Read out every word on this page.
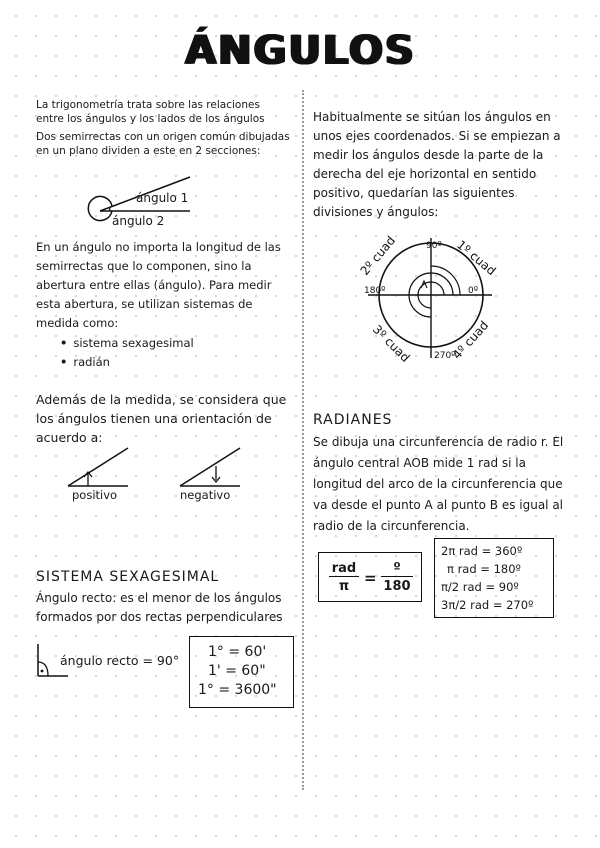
ÁNGULOS
La trigonometría trata sobre las relaciones entre los ángulos y los lados de los ángulos
Dos semirrectas con un origen común dibujadas en un plano dividen a este en 2 secciones:
ángulo 1
ángulo 2
En un ángulo no importa la longitud de las semirrectas que lo componen, sino la abertura entre ellas (ángulo). Para medir esta abertura, se utilizan sistemas de medida como:
• sistema sexagesimal
• radián
Además de la medida, se considera que los ángulos tienen una orientación de acuerdo a:
positivo	negativo
SISTEMA SEXAGESIMAL
Ángulo recto: es el menor de los ángulos formados por dos rectas perpendiculares
ángulo recto = 90°
1° = 60'
1' = 60"
1° = 3600"
Habitualmente se sitúan los ángulos en unos ejes coordenados. Si se empiezan a medir los ángulos desde la parte de la derecha del eje horizontal en sentido positivo, quedarían las siguientes divisiones y ángulos:
90º
0º
180º
270º
1º cuad
2º cuad
3º cuad	4º cuad
RADIANES
Se dibuja una circunferencia de radio r. El ángulo central AOB mide 1 rad si la longitud del arco de la circunferencia que va desde el punto A al punto B es igual al radio de la circunferencia.
rad
π =
º
180
2π rad = 360º
π rad = 180º
π/2 rad = 90º
3π/2 rad = 270º
